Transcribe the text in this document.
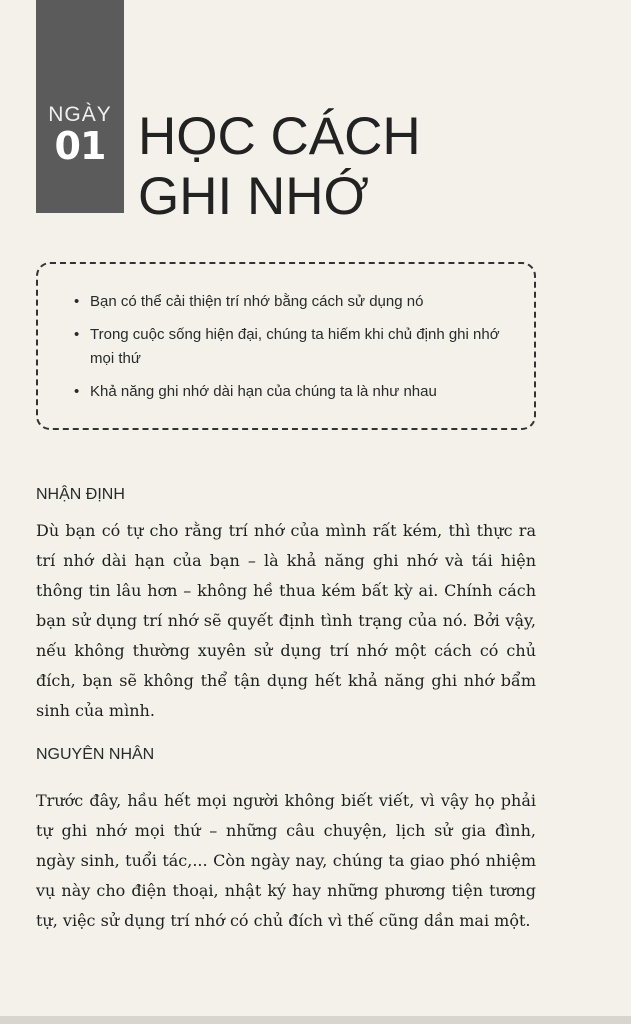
NGÀY
01 HỌC CÁCH
GHI NHỚ
• Bạn có thể cải thiện trí nhớ bằng cách sử dụng nó
• Trong cuộc sống hiện đại, chúng ta hiếm khi chủ định ghi nhớ mọi thứ
• Khả năng ghi nhớ dài hạn của chúng ta là như nhau
NHẬN ĐỊNH

Dù bạn có tự cho rằng trí nhớ của mình rất kém, thì thực ra trí nhớ dài hạn của bạn – là khả năng ghi nhớ và tái hiện thông tin lâu hơn – không hề thua kém bất kỳ ai. Chính cách bạn sử dụng trí nhớ sẽ quyết định tình trạng của nó. Bởi vậy, nếu không thường xuyên sử dụng trí nhớ một cách có chủ đích, bạn sẽ không thể tận dụng hết khả năng ghi nhớ bẩm sinh của mình.

NGUYÊN NHÂN

Trước đây, hầu hết mọi người không biết viết, vì vậy họ phải tự ghi nhớ mọi thứ – những câu chuyện, lịch sử gia đình, ngày sinh, tuổi tác,... Còn ngày nay, chúng ta giao phó nhiệm vụ này cho điện thoại, nhật ký hay những phương tiện tương tự, việc sử dụng trí nhớ có chủ đích vì thế cũng dần mai một.
